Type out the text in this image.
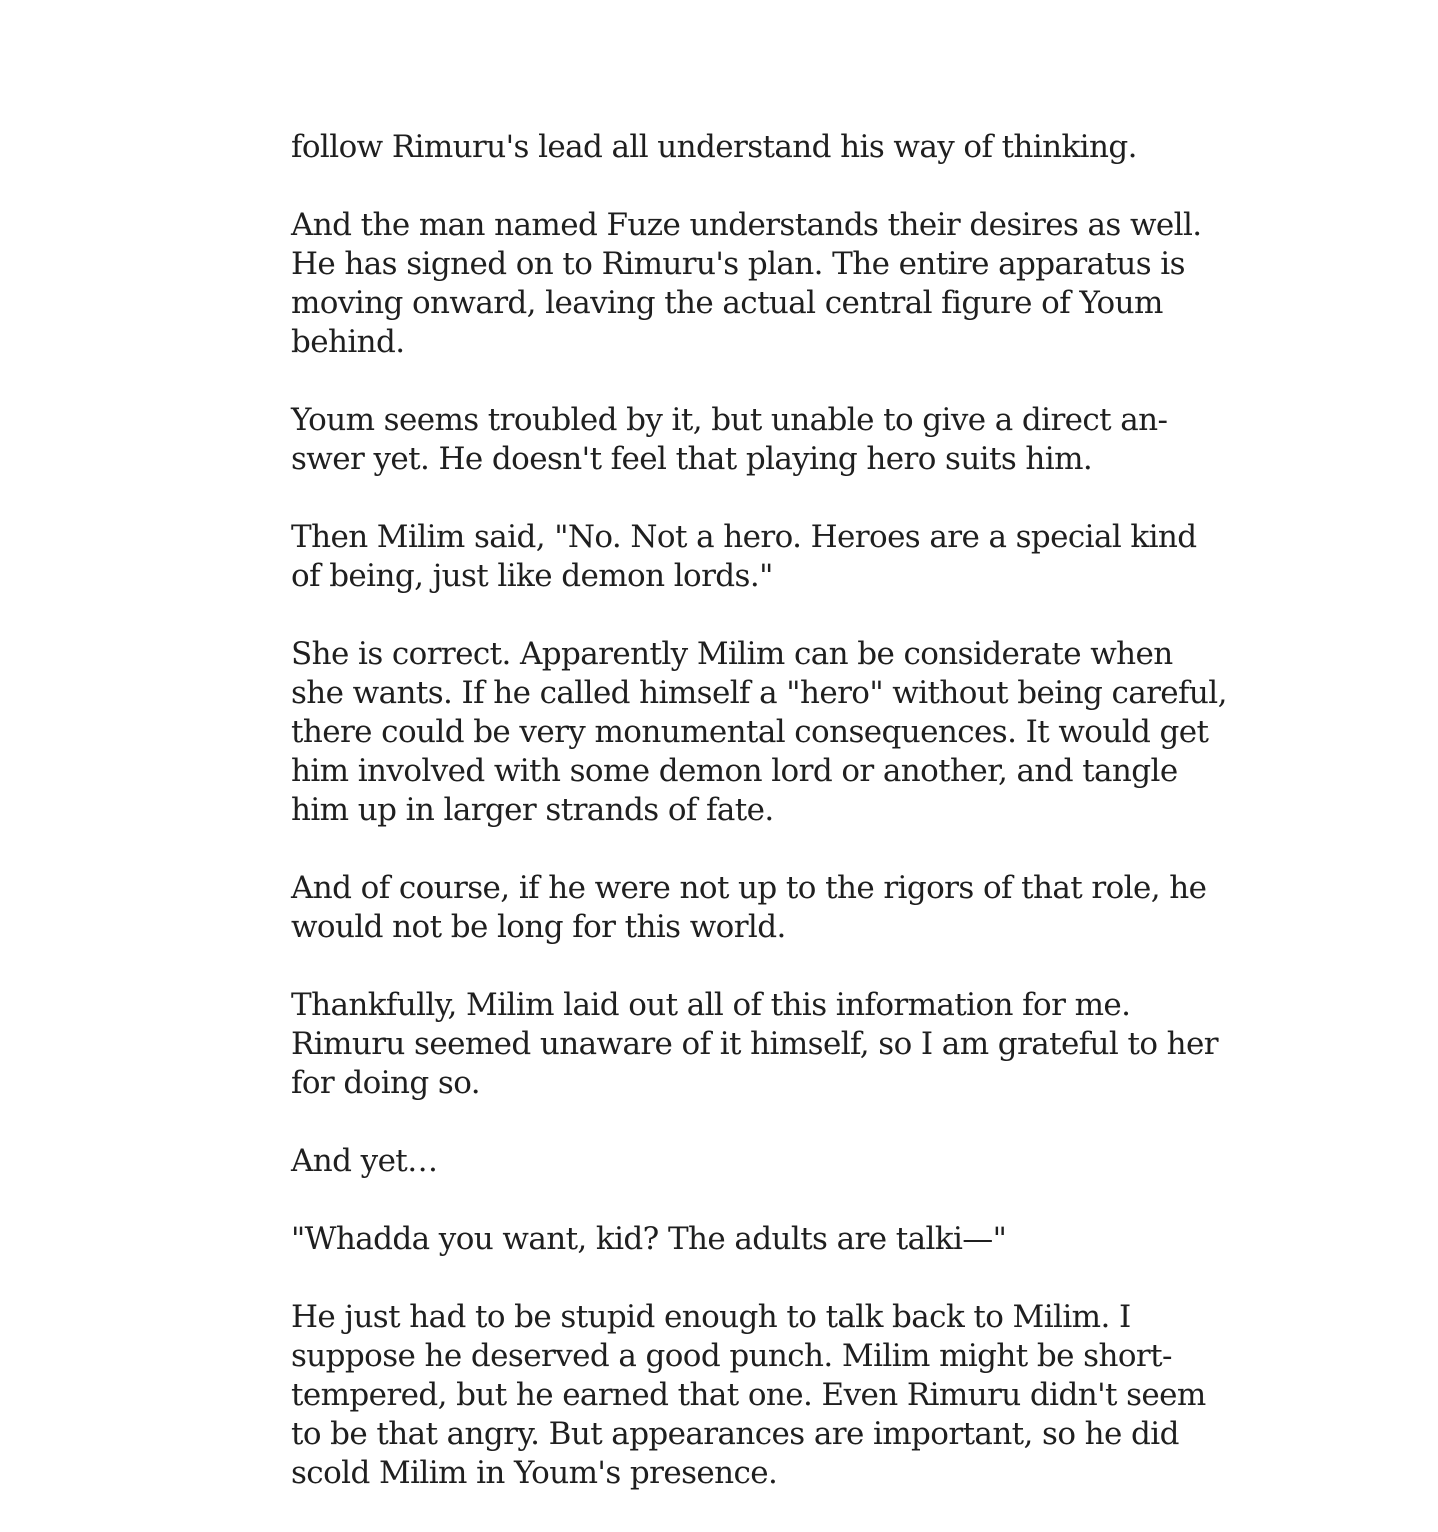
follow Rimuru's lead all understand his way of thinking.

And the man named Fuze understands their desires as well.
He has signed on to Rimuru's plan. The entire apparatus is
moving onward, leaving the actual central figure of Youm
behind.

Youm seems troubled by it, but unable to give a direct an-
swer yet. He doesn't feel that playing hero suits him.

Then Milim said, "No. Not a hero. Heroes are a special kind
of being, just like demon lords."

She is correct. Apparently Milim can be considerate when
she wants. If he called himself a "hero" without being careful,
there could be very monumental consequences. It would get
him involved with some demon lord or another, and tangle
him up in larger strands of fate.

And of course, if he were not up to the rigors of that role, he
would not be long for this world.

Thankfully, Milim laid out all of this information for me.
Rimuru seemed unaware of it himself, so I am grateful to her
for doing so.

And yet…

"Whadda you want, kid? The adults are talki—"

He just had to be stupid enough to talk back to Milim. I
suppose he deserved a good punch. Milim might be short-
tempered, but he earned that one. Even Rimuru didn't seem
to be that angry. But appearances are important, so he did
scold Milim in Youm's presence.
